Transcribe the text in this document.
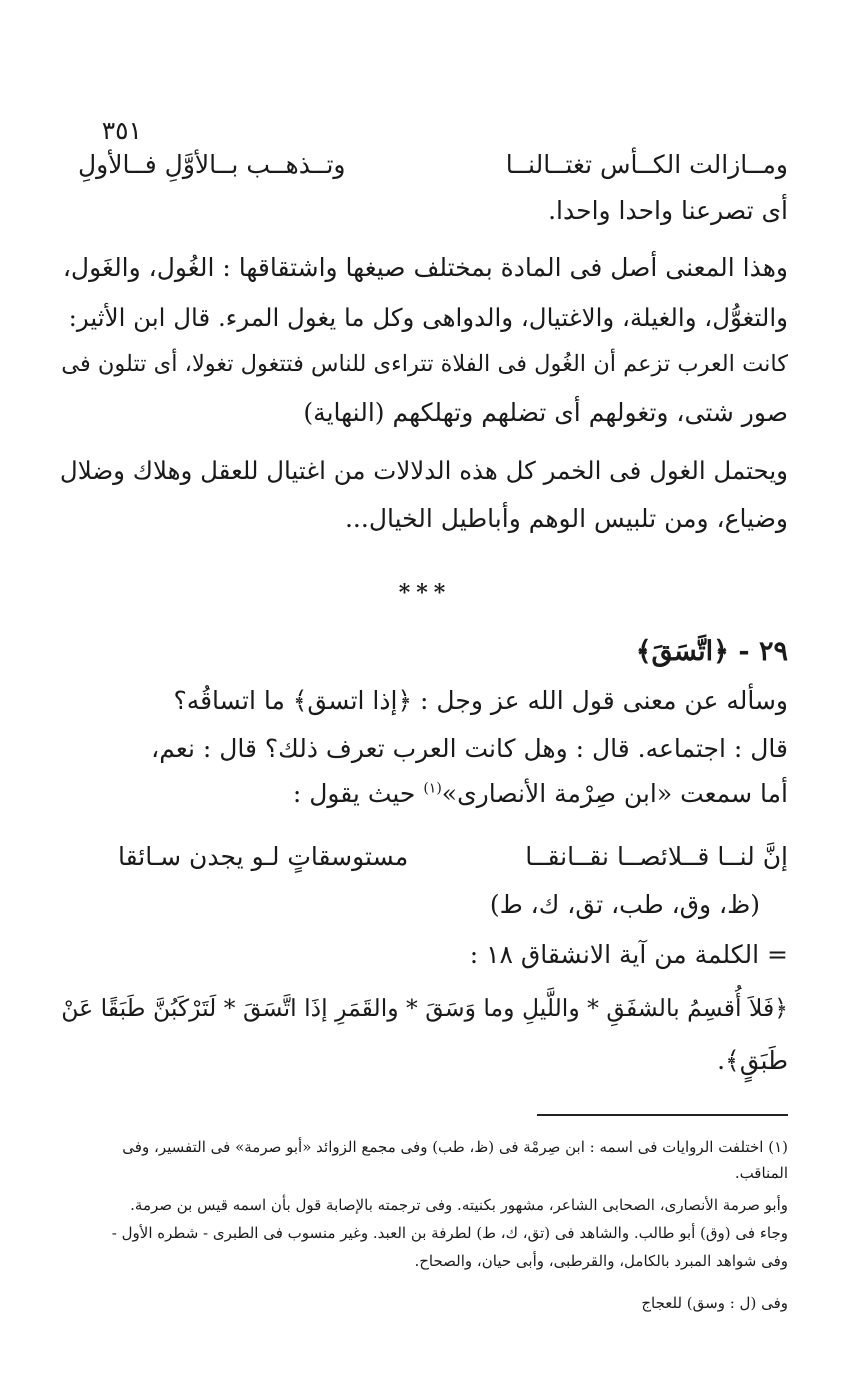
٣٥١
ومــازالت الكــأس تغتــالنــا
وتــذهــب بــالأوَّلِ فــالأولِ
أى تصرعنا واحدا واحدا.
وهذا المعنى أصل فى المادة بمختلف صيغها واشتقاقها : الغُول، والغَول،
والتغوُّل، والغيلة، والاغتيال، والدواهى وكل ما يغول المرء. قال ابن الأثير:
كانت العرب تزعم أن الغُول فى الفلاة تتراءى للناس فتتغول تغولا، أى تتلون فى
صور شتى، وتغولهم أى تضلهم وتهلكهم (النهاية)
ويحتمل الغول فى الخمر كل هذه الدلالات من اغتيال للعقل وهلاك وضلال
وضياع، ومن تلبيس الوهم وأباطيل الخيال...
***
٢٩ - ﴿اتَّسَقَ﴾
وسأله عن معنى قول الله عز وجل : ﴿إذا اتسق﴾ ما اتساقُه؟
قال : اجتماعه. قال : وهل كانت العرب تعرف ذلك؟ قال : نعم،
أما سمعت «ابن صِرْمة الأنصارى»$^{(١)}$ حيث يقول :
إنَّ لنــا قــلائصــا نقــانقــا
مستوسقاتٍ لـو يجدن سـائقا
(ظ، وق، طب، تق، ك، ط)
= الكلمة من آية الانشقاق ١٨ :
﴿فَلاَ أُقسِمُ بالشفَقِ * واللَّيلِ وما وَسَقَ * والقَمَرِ إذَا اتَّسَقَ * لَتَرْكَبُنَّ طَبَقًا عَنْ
طَبَقٍ﴾.
(١) اختلفت الروايات فى اسمه : ابن صِرمْة فى (ظ، طب) وفى مجمع الزوائد «أبو صرمة» فى التفسير، وفى
المناقب.
وأبو صرمة الأنصارى، الصحابى الشاعر، مشهور بكنيته. وفى ترجمته بالإصابة قول بأن اسمه قيس بن صرمة.
وجاء فى (وق) أبو طالب. والشاهد فى (تق، ك، ط) لطرفة بن العبد. وغير منسوب فى الطبرى - شطره الأول -
وفى شواهد المبرد بالكامل، والقرطبى، وأبى حيان، والصحاح.
وفى (ل : وسق) للعجاج
